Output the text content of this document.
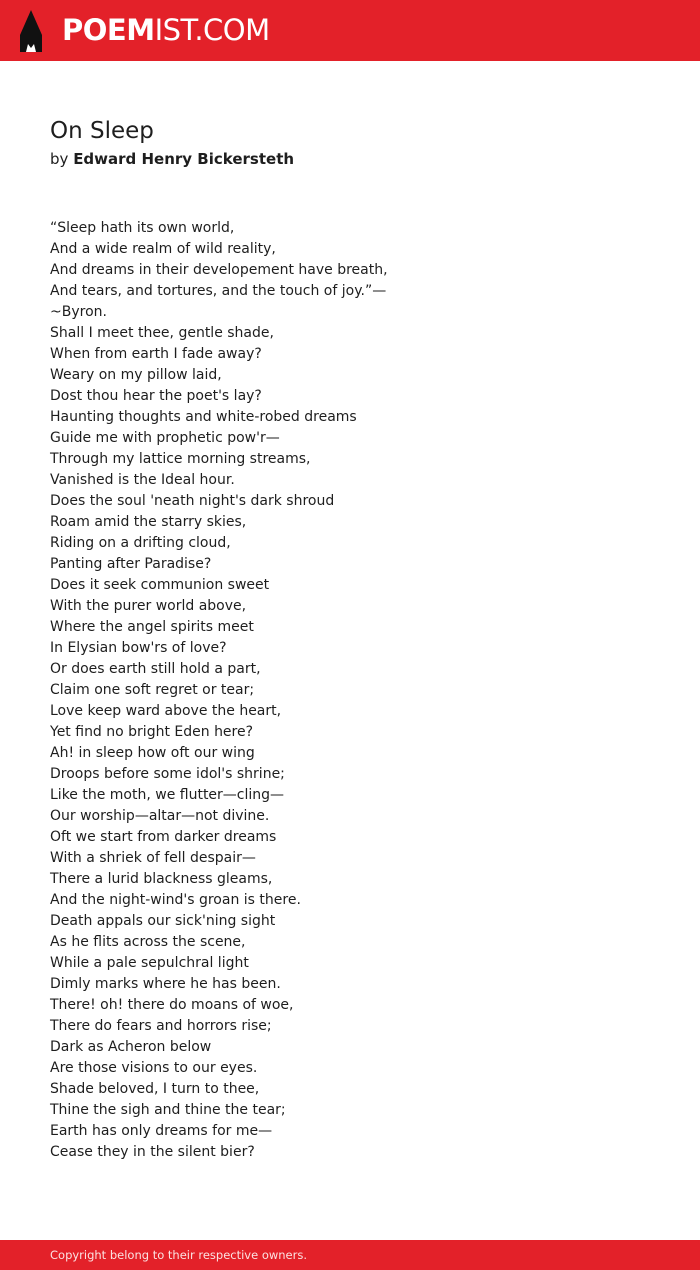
POEMIST.COM
On Sleep
by Edward Henry Bickersteth
“Sleep hath its own world,
And a wide realm of wild reality,
And dreams in their developement have breath,
And tears, and tortures, and the touch of joy.”—
~Byron.
Shall I meet thee, gentle shade,
When from earth I fade away?
Weary on my pillow laid,
Dost thou hear the poet's lay?
Haunting thoughts and white-robed dreams
Guide me with prophetic pow'r—
Through my lattice morning streams,
Vanished is the Ideal hour.
Does the soul 'neath night's dark shroud
Roam amid the starry skies,
Riding on a drifting cloud,
Panting after Paradise?
Does it seek communion sweet
With the purer world above,
Where the angel spirits meet
In Elysian bow'rs of love?
Or does earth still hold a part,
Claim one soft regret or tear;
Love keep ward above the heart,
Yet find no bright Eden here?
Ah! in sleep how oft our wing
Droops before some idol's shrine;
Like the moth, we flutter—cling—
Our worship—altar—not divine.
Oft we start from darker dreams
With a shriek of fell despair—
There a lurid blackness gleams,
And the night-wind's groan is there.
Death appals our sick'ning sight
As he flits across the scene,
While a pale sepulchral light
Dimly marks where he has been.
There! oh! there do moans of woe,
There do fears and horrors rise;
Dark as Acheron below
Are those visions to our eyes.
Shade beloved, I turn to thee,
Thine the sigh and thine the tear;
Earth has only dreams for me—
Cease they in the silent bier?
Copyright belong to their respective owners.
